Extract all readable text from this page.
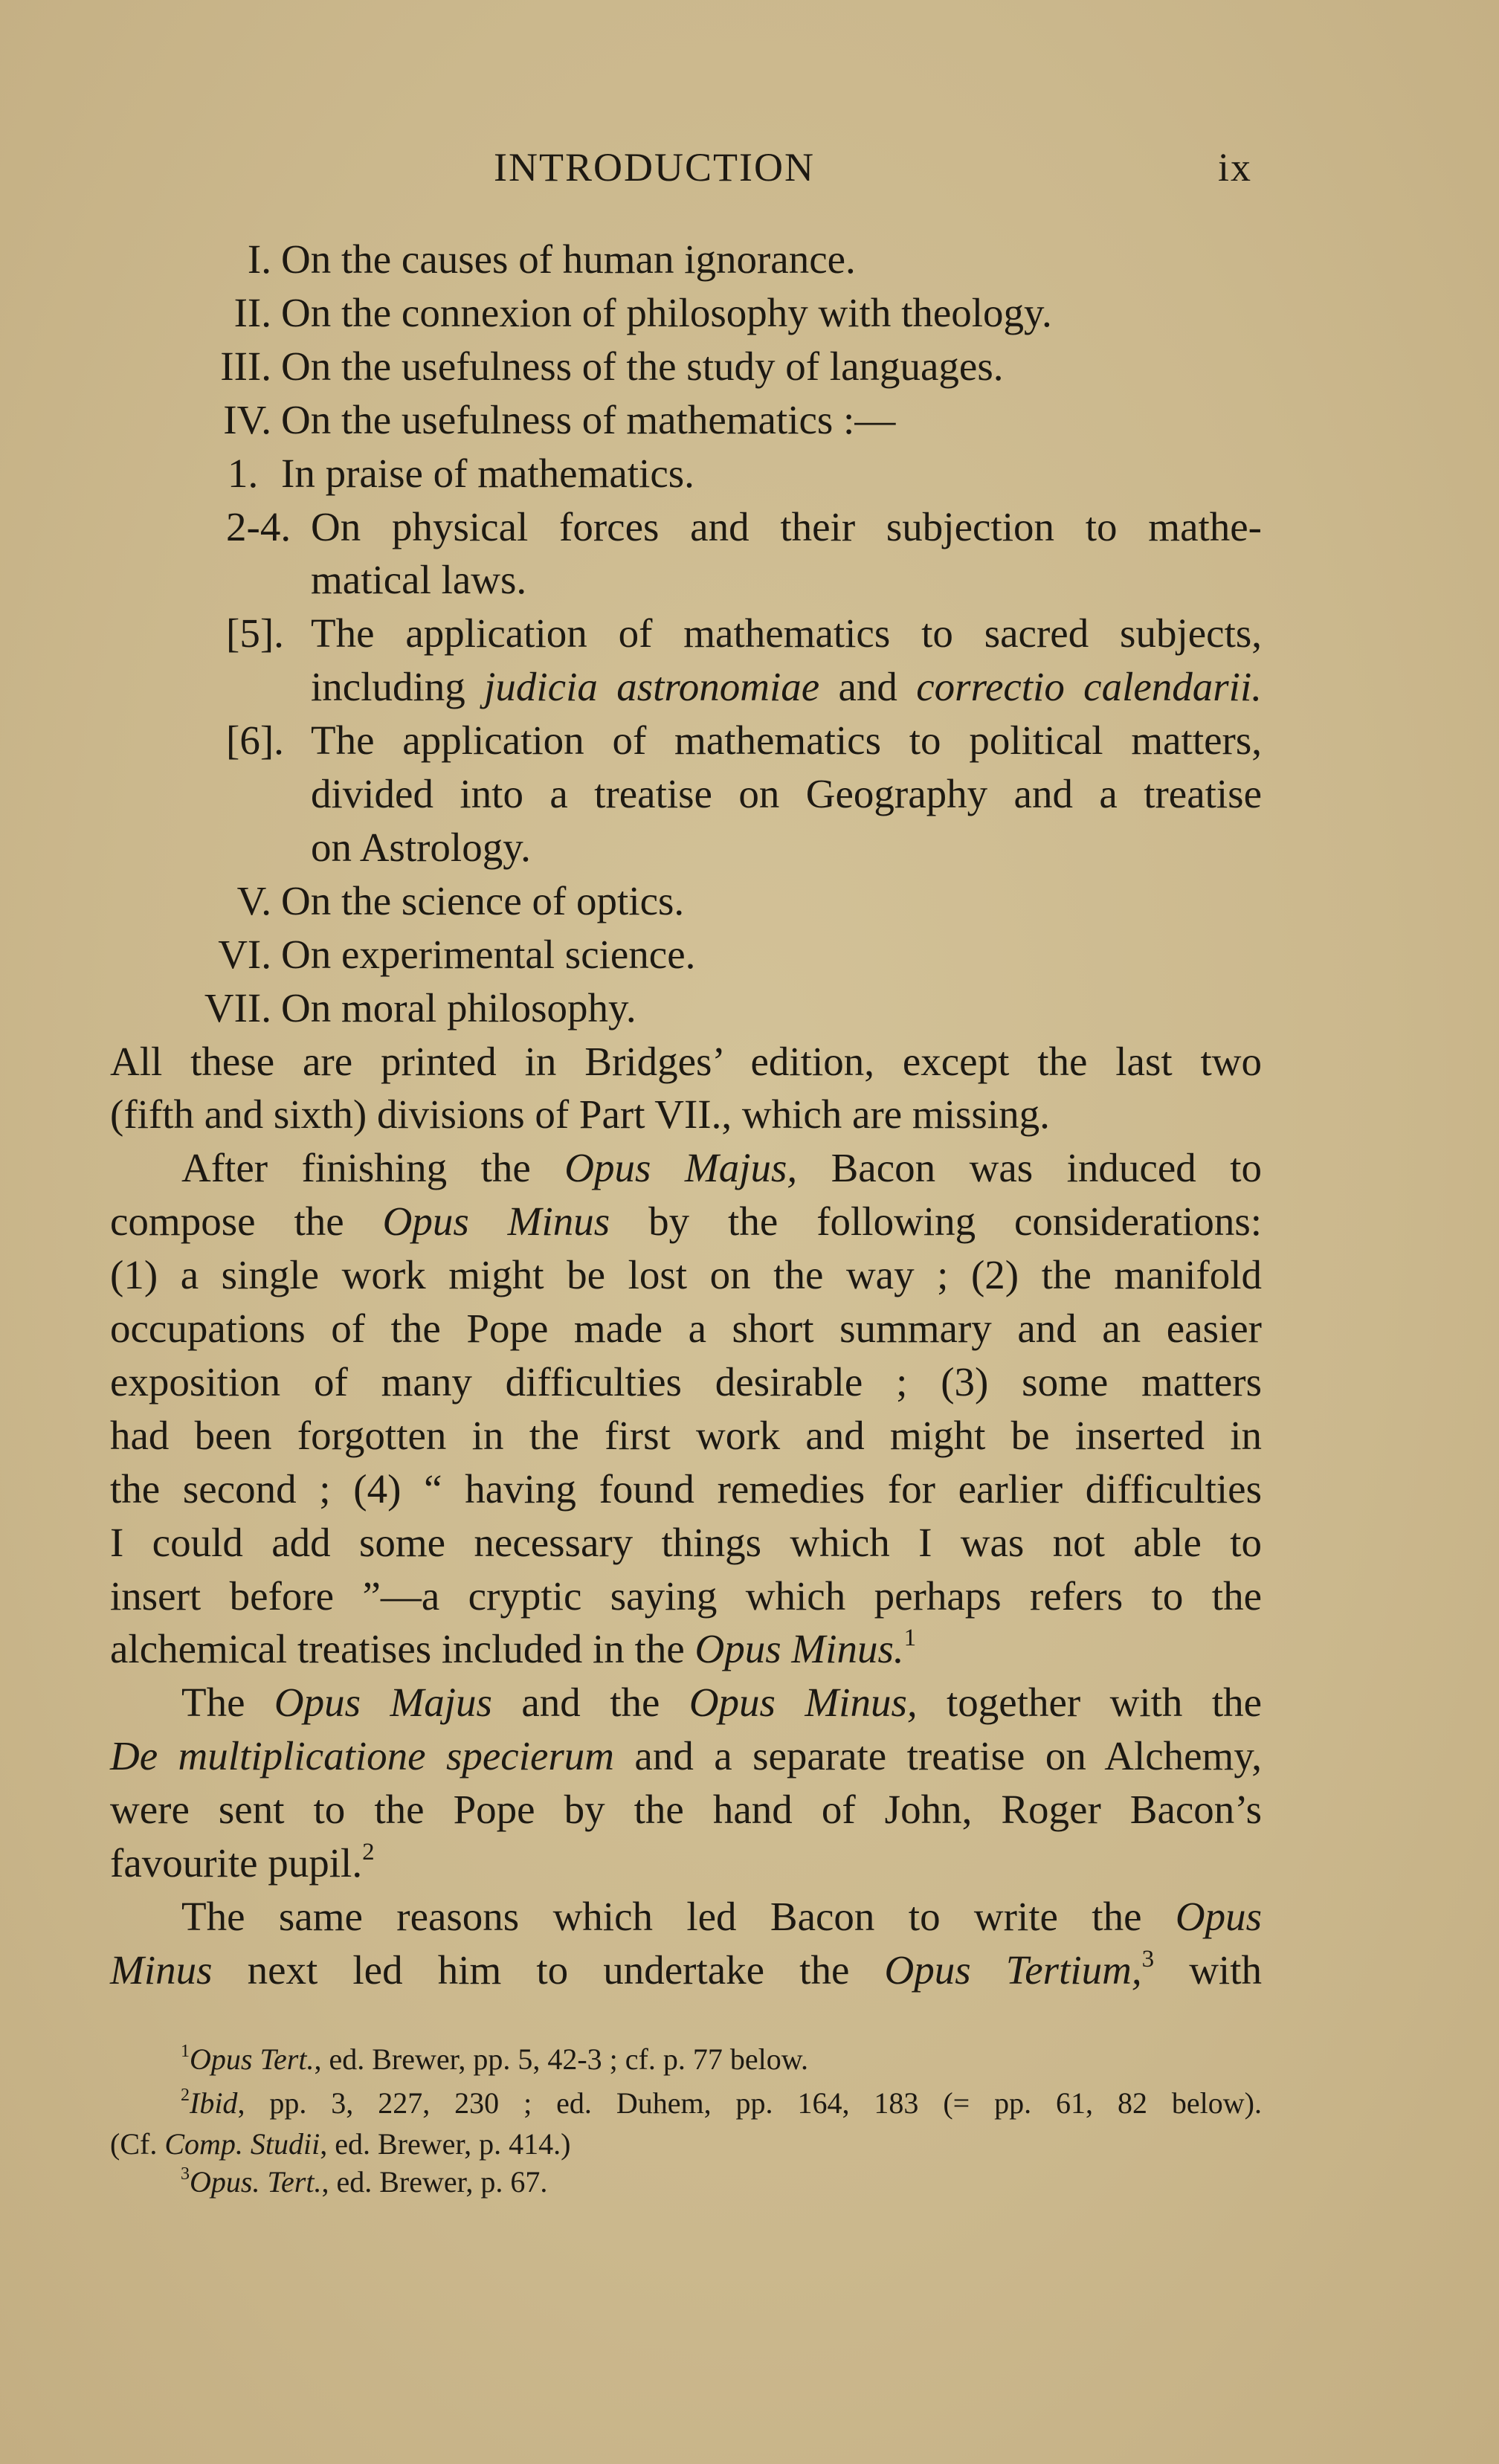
INTRODUCTION	ix
I. On the causes of human ignorance.
II. On the connexion of philosophy with theology.
III. On the usefulness of the study of languages.
IV. On the usefulness of mathematics :—
1. In praise of mathematics.
2-4. On physical forces and their subjection to mathe-
matical laws.
[5]. The application of mathematics to sacred subjects,
including judicia astronomiae and correctio calendarii.
[6]. The application of mathematics to political matters,
divided into a treatise on Geography and a treatise
on Astrology.
V. On the science of optics.
VI. On experimental science.
VII. On moral philosophy.
All these are printed in Bridges’ edition, except the last two
(fifth and sixth) divisions of Part VII., which are missing.
After finishing the Opus Majus, Bacon was induced to
compose the Opus Minus by the following considerations:
(1) a single work might be lost on the way ; (2) the manifold
occupations of the Pope made a short summary and an easier
exposition of many difficulties desirable ; (3) some matters
had been forgotten in the first work and might be inserted in
the second ; (4) “ having found remedies for earlier difficulties
I could add some necessary things which I was not able to
insert before ”—a cryptic saying which perhaps refers to the
alchemical treatises included in the Opus Minus.$^1$
The Opus Majus and the Opus Minus, together with the
De multiplicatione specierum and a separate treatise on Alchemy,
were sent to the Pope by the hand of John, Roger Bacon’s
favourite pupil.$^2$
The same reasons which led Bacon to write the Opus
Minus next led him to undertake the Opus Tertium,$^3$ with
$^1$Opus Tert., ed. Brewer, pp. 5, 42-3 ; cf. p. 77 below.
$^2$Ibid, pp. 3, 227, 230 ; ed. Duhem, pp. 164, 183 (= pp. 61, 82 below).
(Cf. Comp. Studii, ed. Brewer, p. 414.)
$^3$Opus. Tert., ed. Brewer, p. 67.
